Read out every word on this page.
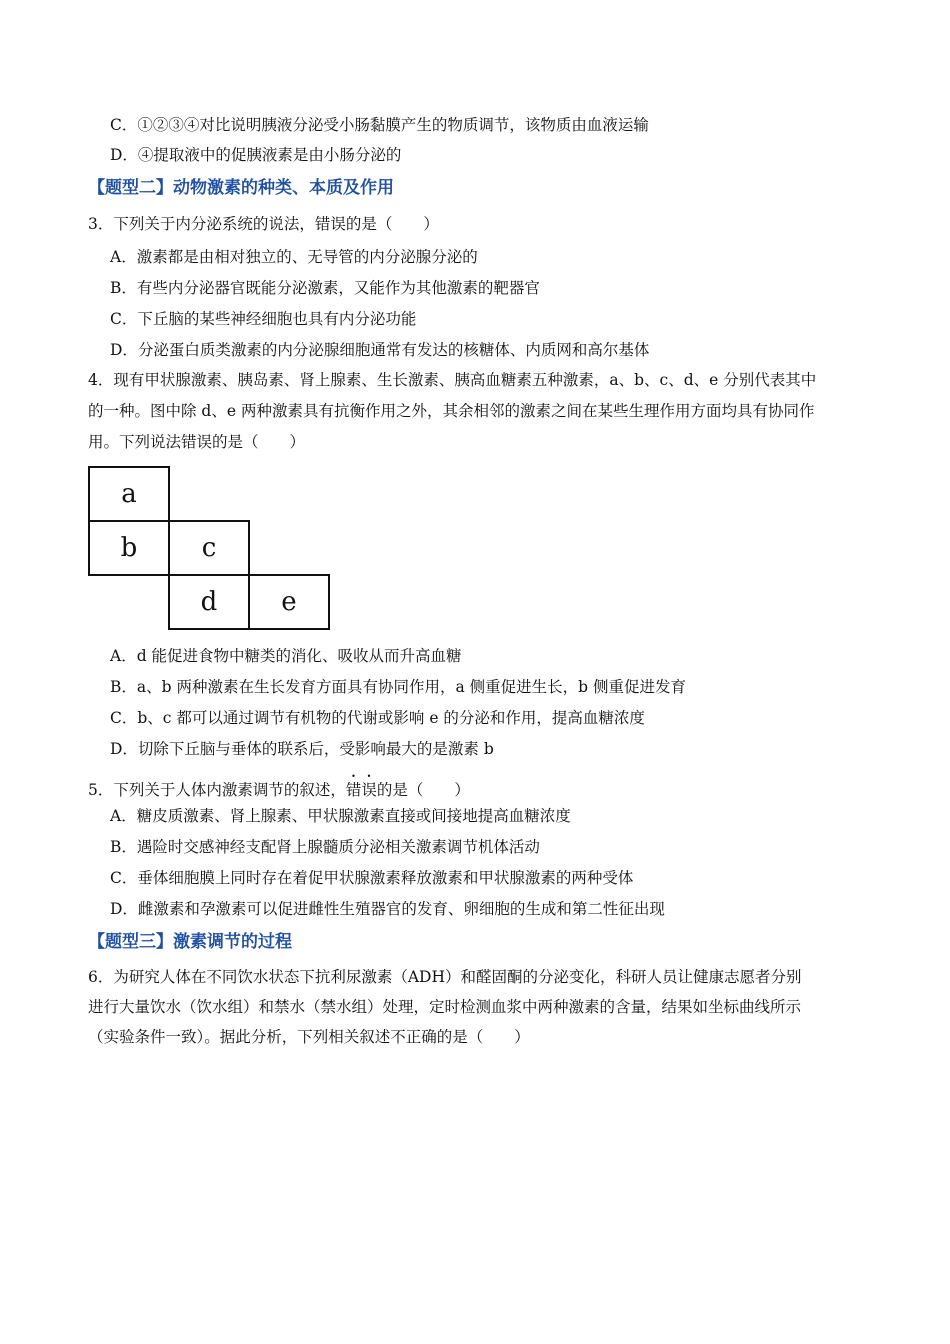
C．①②③④对比说明胰液分泌受小肠黏膜产生的物质调节，该物质由血液运输
D．④提取液中的促胰液素是由小肠分泌的
【题型二】动物激素的种类、本质及作用
3．下列关于内分泌系统的说法，错误的是（　　）
A．激素都是由相对独立的、无导管的内分泌腺分泌的
B．有些内分泌器官既能分泌激素，又能作为其他激素的靶器官
C．下丘脑的某些神经细胞也具有内分泌功能
D．分泌蛋白质类激素的内分泌腺细胞通常有发达的核糖体、内质网和高尔基体
4．现有甲状腺激素、胰岛素、肾上腺素、生长激素、胰高血糖素五种激素，a、b、c、d、e 分别代表其中
的一种。图中除 d、e 两种激素具有抗衡作用之外，其余相邻的激素之间在某些生理作用方面均具有协同作
用。下列说法错误的是（　　）
a
b	c
d	e
A．d 能促进食物中糖类的消化、吸收从而升高血糖
B．a、b 两种激素在生长发育方面具有协同作用，a 侧重促进生长，b 侧重促进发育
C．b、c 都可以通过调节有机物的代谢或影响 e 的分泌和作用，提高血糖浓度
D．切除下丘脑与垂体的联系后，受影响最大的是激素 b
5．下列关于人体内激素调节的叙述，错误的是（　　）
A．糖皮质激素、肾上腺素、甲状腺激素直接或间接地提高血糖浓度
B．遇险时交感神经支配肾上腺髓质分泌相关激素调节机体活动
C．垂体细胞膜上同时存在着促甲状腺激素释放激素和甲状腺激素的两种受体
D．雌激素和孕激素可以促进雌性生殖器官的发育、卵细胞的生成和第二性征出现
【题型三】激素调节的过程
6．为研究人体在不同饮水状态下抗利尿激素（ADH）和醛固酮的分泌变化，科研人员让健康志愿者分别
进行大量饮水（饮水组）和禁水（禁水组）处理，定时检测血浆中两种激素的含量，结果如坐标曲线所示
（实验条件一致）。据此分析，下列相关叙述不正确的是（　　）
